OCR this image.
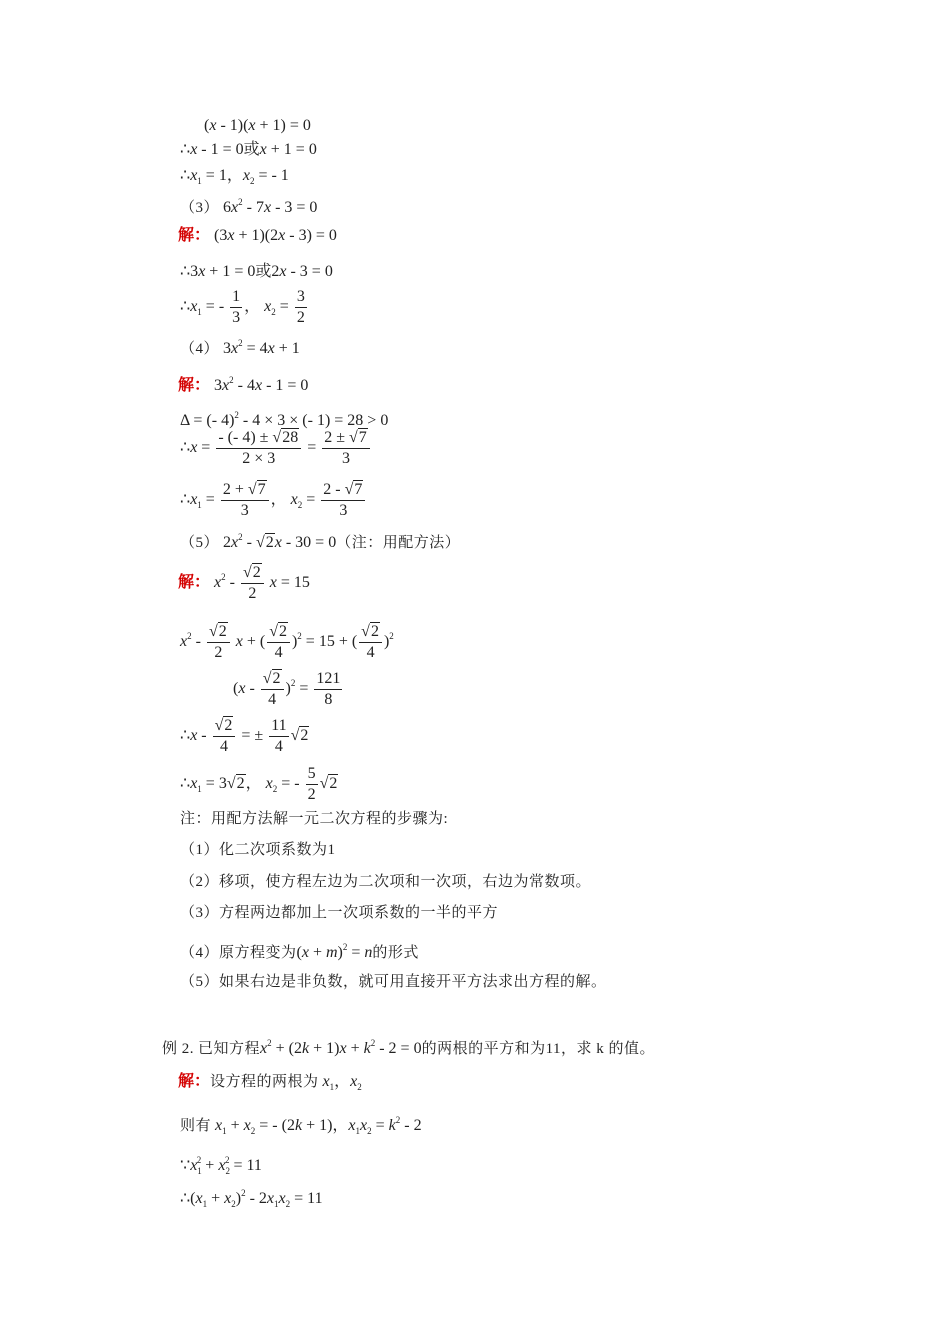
(x - 1)(x + 1) = 0
∴x - 1 = 0或x + 1 = 0
$\therefore x_1 = 1$，$x_2$ = - 1
（3） $6x^2 - 7x - 3 = 0$
解： (3x + 1)(2x - 3) = 0
∴3x + 1 = 0或2x - 3 = 0
$\therefore x_1$ = - $\frac{1}{3}$ ， $x_2 = \frac{3}{2}$
（4） $3x^2 = 4x + 1$
解： $3x^2 - 4x - 1 = 0$
Δ = (- 4)$^2$ - 4 × 3 × (- 1) = 28 > 0
∴x = $\frac{- (- 4) \pm √28}{2 \times 3} = \frac{2 \pm √7}{3}$
$\therefore x_1 = \frac{2 + √7}{3}$ ， $x_2 = \frac{2 - √7}{3}$
（5） $2x^2 - √2x - 30 = 0$（注：用配方法）
解： $x^2 - \frac{√2}{2}$ x = 15
$x^2 - \frac{√2}{2}$ x + ( $\frac{√2}{4} )^2 = 15$ + ( $\frac{√2}{4} )^2$
$(x - \frac{√2}{4} )^2 = \frac{121}{8}$
∴x - $\frac{√2}{4}$ = ± $\frac{11}{4} √2$
$\therefore x_1 = 3√2$， $x_2$ = - $\frac{5}{2} √2$
注：用配方法解一元二次方程的步骤为:
（1）化二次项系数为1
（2）移项，使方程左边为二次项和一次项，右边为常数项。
（3）方程两边都加上一次项系数的一半的平方
（4）原方程变为$(x + m)^2 = n$的形式
（5）如果右边是非负数，就可用直接开平方法求出方程的解。
例 2. 已知方程$x^2 + (2k + 1)x + k^2 - 2 = 0$的两根的平方和为11，求 k 的值。
解：设方程的两根为 $x_1$，$x_2$
则有 $x_1 + x_2$ = - (2k + 1)，$x_1x_2 = k^2 - 2$
$\because x_1^2 + x_2^2 = 11$
$\therefore(x_1 + x_2)^2 - 2x_1x_2 = 11$
